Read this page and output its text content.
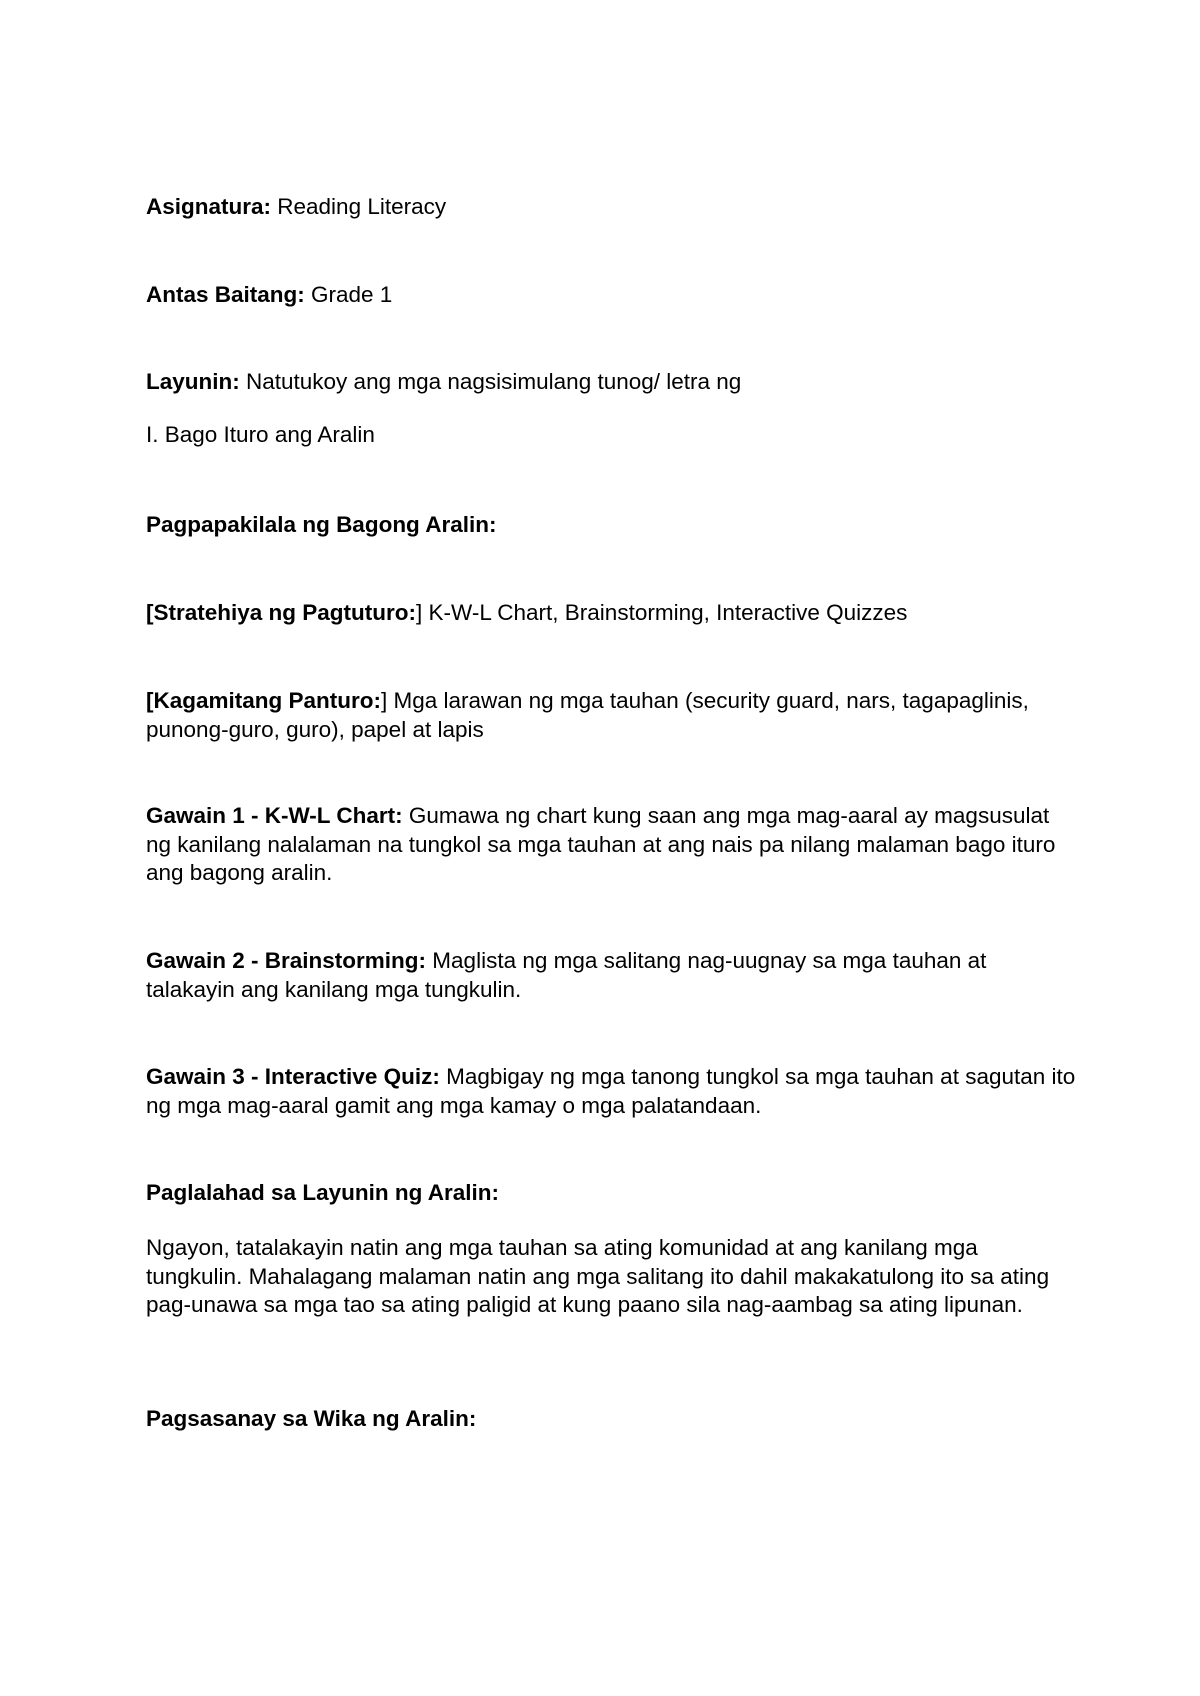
Asignatura: Reading Literacy

Antas Baitang: Grade 1

Layunin: Natutukoy ang mga nagsisimulang tunog/ letra ng

I. Bago Ituro ang Aralin

Pagpapakilala ng Bagong Aralin:

[Stratehiya ng Pagtuturo:] K-W-L Chart, Brainstorming, Interactive Quizzes

[Kagamitang Panturo:] Mga larawan ng mga tauhan (security guard, nars, tagapaglinis, punong-guro, guro), papel at lapis

Gawain 1 - K-W-L Chart: Gumawa ng chart kung saan ang mga mag-aaral ay magsusulat ng kanilang nalalaman na tungkol sa mga tauhan at ang nais pa nilang malaman bago ituro ang bagong aralin.

Gawain 2 - Brainstorming: Maglista ng mga salitang nag-uugnay sa mga tauhan at talakayin ang kanilang mga tungkulin.

Gawain 3 - Interactive Quiz: Magbigay ng mga tanong tungkol sa mga tauhan at sagutan ito ng mga mag-aaral gamit ang mga kamay o mga palatandaan.

Paglalahad sa Layunin ng Aralin:

Ngayon, tatalakayin natin ang mga tauhan sa ating komunidad at ang kanilang mga tungkulin. Mahalagang malaman natin ang mga salitang ito dahil makakatulong ito sa ating pag-unawa sa mga tao sa ating paligid at kung paano sila nag-aambag sa ating lipunan.

Pagsasanay sa Wika ng Aralin:
